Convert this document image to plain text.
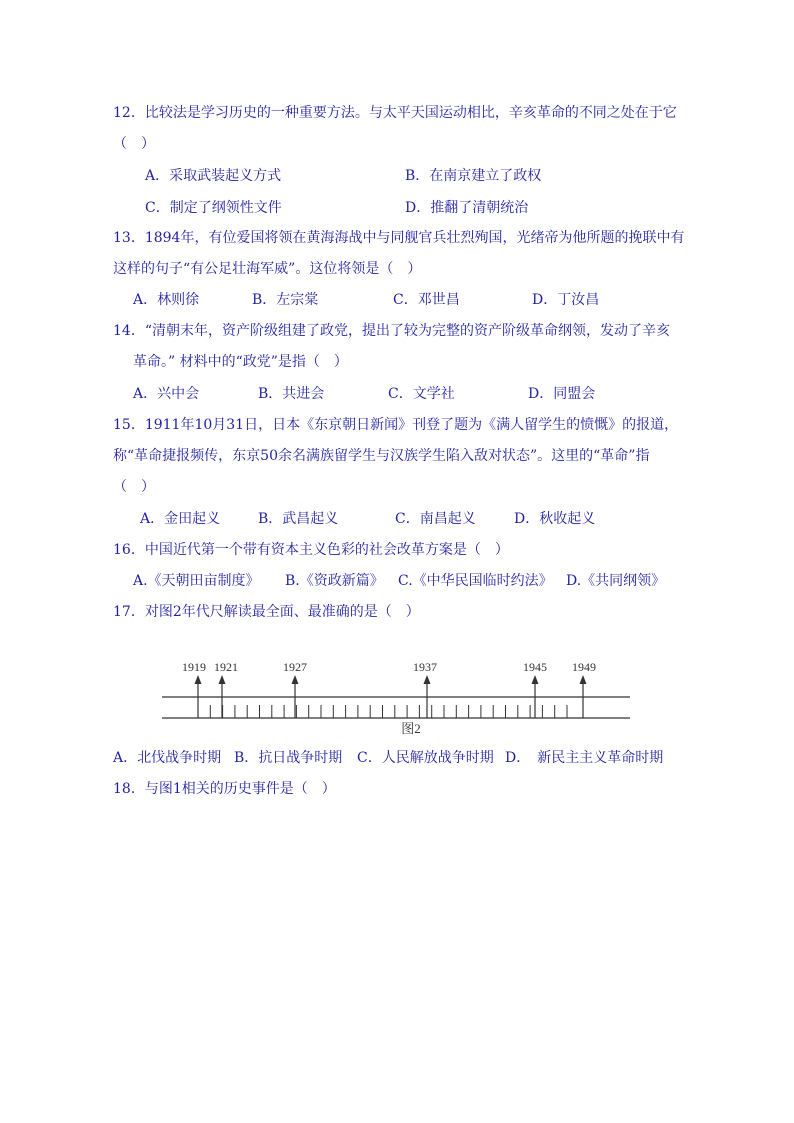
12．比较法是学习历史的一种重要方法。与太平天国运动相比，辛亥革命的不同之处在于它
（　）
A．采取武装起义方式	B．在南京建立了政权
C．制定了纲领性文件	D．推翻了清朝统治
13．1894年，有位爱国将领在黄海海战中与同舰官兵壮烈殉国，光绪帝为他所题的挽联中有
这样的句子“有公足壮海军威”。这位将领是（　）
A．林则徐	B．左宗棠	C．邓世昌	D．丁汝昌
14．“清朝末年，资产阶级组建了政党，提出了较为完整的资产阶级革命纲领，发动了辛亥
革命。” 材料中的“政党”是指（　）
A．兴中会	B．共进会	C．文学社	D．同盟会
15．1911年10月31日，日本《东京朝日新闻》刊登了题为《满人留学生的愤慨》的报道，
称“革命捷报频传，东京50余名满族留学生与汉族学生陷入敌对状态”。这里的“革命”指
（　）
A．金田起义	B．武昌起义	C．南昌起义	D．秋收起义
16．中国近代第一个带有资本主义色彩的社会改革方案是（　）
A.《天朝田亩制度》 B.《资政新篇》 C.《中华民国临时约法》 D.《共同纲领》
17．对图2年代尺解读最全面、最准确的是（　）
1919 1921	1927	1937	1945 1949
图2
A．北伐战争时期 B．抗日战争时期 C．人民解放战争时期 D．　新民主主义革命时期
18．与图1相关的历史事件是（　）
